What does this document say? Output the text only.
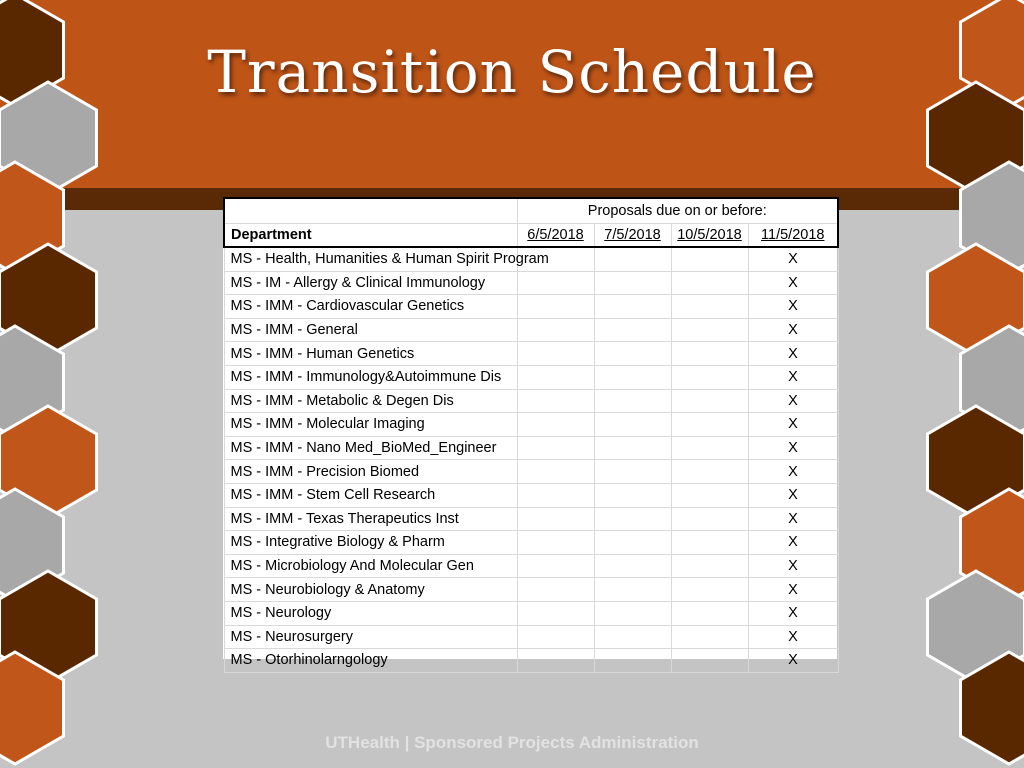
Transition Schedule
	Proposals due on or before:			
Department	6/5/2018	7/5/2018	10/5/2018	11/5/2018
MS - Health, Humanities & Human Spirit Program				X
MS - IM - Allergy & Clinical Immunology				X
MS - IMM - Cardiovascular Genetics				X
MS - IMM - General				X
MS - IMM - Human Genetics				X
MS - IMM - Immunology&Autoimmune Dis				X
MS - IMM - Metabolic & Degen Dis				X
MS - IMM - Molecular Imaging				X
MS - IMM - Nano Med_BioMed_Engineer				X
MS - IMM - Precision Biomed				X
MS - IMM - Stem Cell Research				X
MS - IMM - Texas Therapeutics Inst				X
MS - Integrative Biology & Pharm				X
MS - Microbiology And Molecular Gen				X
MS - Neurobiology & Anatomy				X
MS - Neurology				X
MS - Neurosurgery				X
MS - Otorhinolarngology				X
UTHealth | Sponsored Projects Administration
